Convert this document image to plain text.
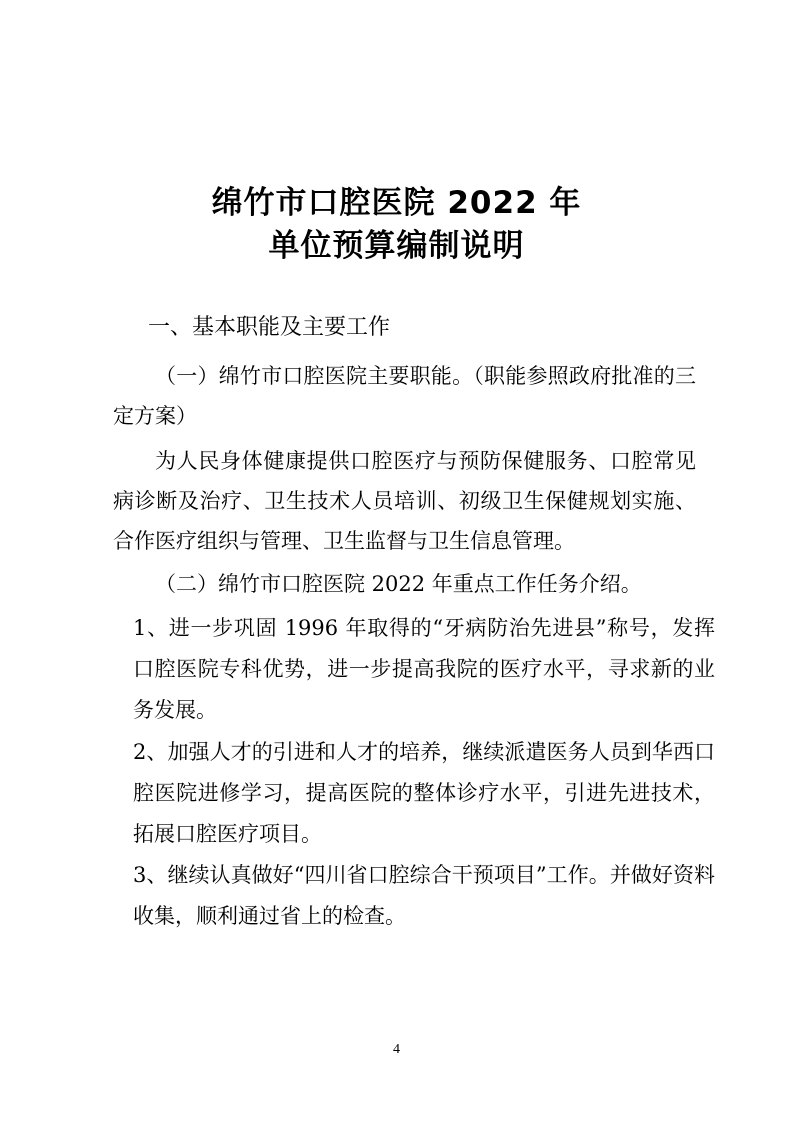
绵竹市口腔医院 2022 年
单位预算编制说明
一、基本职能及主要工作

（一）绵竹市口腔医院主要职能。（职能参照政府批准的三定方案）

为人民身体健康提供口腔医疗与预防保健服务、口腔常见病诊断及治疗、卫生技术人员培训、初级卫生保健规划实施、合作医疗组织与管理、卫生监督与卫生信息管理。

（二）绵竹市口腔医院 2022 年重点工作任务介绍。

1、进一步巩固 1996 年取得的“牙病防治先进县”称号，发挥口腔医院专科优势，进一步提高我院的医疗水平，寻求新的业务发展。

2、加强人才的引进和人才的培养，继续派遣医务人员到华西口腔医院进修学习，提高医院的整体诊疗水平，引进先进技术，拓展口腔医疗项目。

3、继续认真做好“四川省口腔综合干预项目”工作。并做好资料收集，顺利通过省上的检查。

4
